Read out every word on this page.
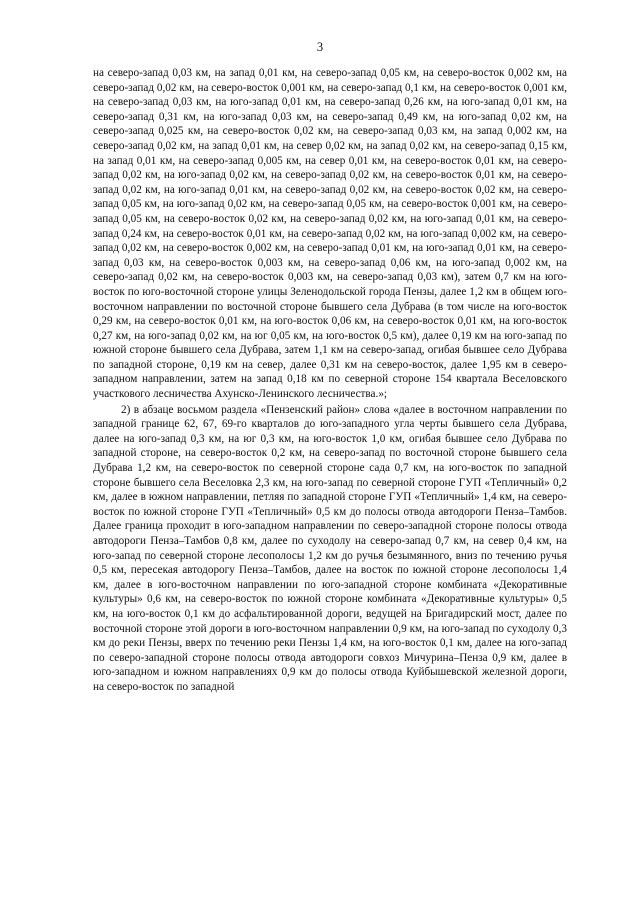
3

на северо-запад 0,03 км, на запад 0,01 км, на северо-запад 0,05 км, на северо-восток 0,002 км, на северо-запад 0,02 км, на северо-восток 0,001 км, на северо-запад 0,1 км, на северо-восток 0,001 км, на северо-запад 0,03 км, на юго-запад 0,01 км, на северо-запад 0,26 км, на юго-запад 0,01 км, на северо-запад 0,31 км, на юго-запад 0,03 км, на северо-запад 0,49 км, на юго-запад 0,02 км, на северо-запад 0,025 км, на северо-восток 0,02 км, на северо-запад 0,03 км, на запад 0,002 км, на северо-запад 0,02 км, на запад 0,01 км, на север 0,02 км, на запад 0,02 км, на северо-запад 0,15 км, на запад 0,01 км, на северо-запад 0,005 км, на север 0,01 км, на северо-восток 0,01 км, на северо-запад 0,02 км, на юго-запад 0,02 км, на северо-запад 0,02 км, на северо-восток 0,01 км, на северо-запад 0,02 км, на юго-запад 0,01 км, на северо-запад 0,02 км, на северо-восток 0,02 км, на северо-запад 0,05 км, на юго-запад 0,02 км, на северо-запад 0,05 км, на северо-восток 0,001 км, на северо-запад 0,05 км, на северо-восток 0,02 км, на северо-запад 0,02 км, на юго-запад 0,01 км, на северо-запад 0,24 км, на северо-восток 0,01 км, на северо-запад 0,02 км, на юго-запад 0,002 км, на северо-запад 0,02 км, на северо-восток 0,002 км, на северо-запад 0,01 км, на юго-запад 0,01 км, на северо-запад 0,03 км, на северо-восток 0,003 км, на северо-запад 0,06 км, на юго-запад 0,002 км, на северо-запад 0,02 км, на северо-восток 0,003 км, на северо-запад 0,03 км), затем 0,7 км на юго-восток по юго-восточной стороне улицы Зеленодольской города Пензы, далее 1,2 км в общем юго-восточном направлении по восточной стороне бывшего села Дубрава (в том числе на юго-восток 0,29 км, на северо-восток 0,01 км, на юго-восток 0,06 км, на северо-восток 0,01 км, на юго-восток 0,27 км, на юго-запад 0,02 км, на юг 0,05 км, на юго-восток 0,5 км), далее 0,19 км на юго-запад по южной стороне бывшего села Дубрава, затем 1,1 км на северо-запад, огибая бывшее село Дубрава по западной стороне, 0,19 км на север, далее 0,31 км на северо-восток, далее 1,95 км в северо-западном направлении, затем на запад 0,18 км по северной стороне 154 квартала Веселовского участкового лесничества Ахунско-Ленинского лесничества.»;

2) в абзаце восьмом раздела «Пензенский район» слова «далее в восточном направлении по западной границе 62, 67, 69-го кварталов до юго-западного угла черты бывшего села Дубрава, далее на юго-запад 0,3 км, на юг 0,3 км, на юго-восток 1,0 км, огибая бывшее село Дубрава по западной стороне, на северо-восток 0,2 км, на северо-запад по восточной стороне бывшего села Дубрава 1,2 км, на северо-восток по северной стороне сада 0,7 км, на юго-восток по западной стороне бывшего села Веселовка 2,3 км, на юго-запад по северной стороне ГУП «Тепличный» 0,2 км, далее в южном направлении, петляя по западной стороне ГУП «Тепличный» 1,4 км, на северо-восток по южной стороне ГУП «Тепличный» 0,5 км до полосы отвода автодороги Пенза–Тамбов. Далее граница проходит в юго-западном направлении по северо-западной стороне полосы отвода автодороги Пенза–Тамбов 0,8 км, далее по суходолу на северо-запад 0,7 км, на север 0,4 км, на юго-запад по северной стороне лесополосы 1,2 км до ручья безымянного, вниз по течению ручья 0,5 км, пересекая автодорогу Пенза–Тамбов, далее на восток по южной стороне лесополосы 1,4 км, далее в юго-восточном направлении по юго-западной стороне комбината «Декоративные культуры» 0,6 км, на северо-восток по южной стороне комбината «Декоративные культуры» 0,5 км, на юго-восток 0,1 км до асфальтированной дороги, ведущей на Бригадирский мост, далее по восточной стороне этой дороги в юго-восточном направлении 0,9 км, на юго-запад по суходолу 0,3 км до реки Пензы, вверх по течению реки Пензы 1,4 км, на юго-восток 0,1 км, далее на юго-запад по северо-западной стороне полосы отвода автодороги совхоз Мичурина–Пенза 0,9 км, далее в юго-западном и южном направлениях 0,9 км до полосы отвода Куйбышевской железной дороги, на северо-восток по западной
